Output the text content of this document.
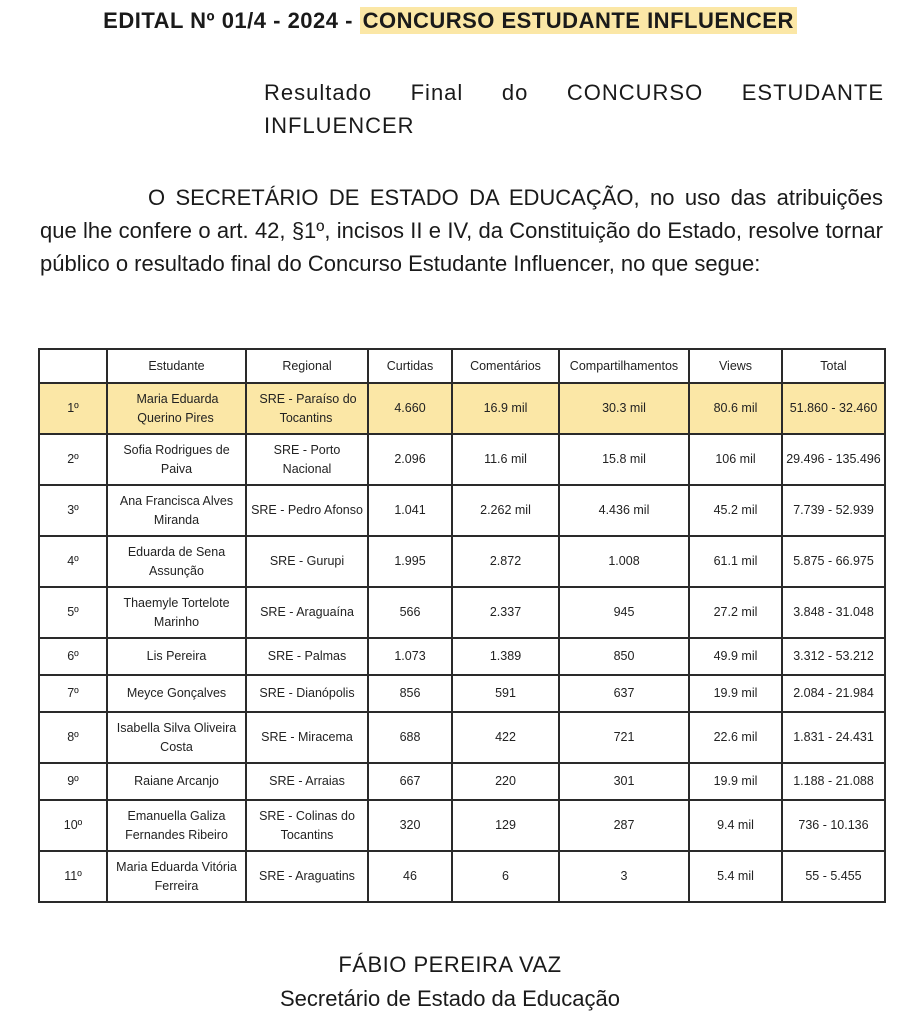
EDITAL Nº 01/4 - 2024 - CONCURSO ESTUDANTE INFLUENCER
Resultado Final do CONCURSO ESTUDANTE INFLUENCER
O SECRETÁRIO DE ESTADO DA EDUCAÇÃO, no uso das atribuições que lhe confere o art. 42, §1º, incisos II e IV, da Constituição do Estado, resolve tornar público o resultado final do Concurso Estudante Influencer, no que segue:
	Estudante	Regional	Curtidas	Comentários	Compartilhamentos	Views	Total
1º	Maria Eduarda Querino Pires	SRE - Paraíso do Tocantins	4.660	16.9 mil	30.3 mil	80.6 mil	51.860 - 32.460
2º	Sofia Rodrigues de Paiva	SRE - Porto Nacional	2.096	11.6 mil	15.8 mil	106 mil	29.496 - 135.496
3º	Ana Francisca Alves Miranda	SRE - Pedro Afonso	1.041	2.262 mil	4.436 mil	45.2 mil	7.739 - 52.939
4º	Eduarda de Sena Assunção	SRE - Gurupi	1.995	2.872	1.008	61.1 mil	5.875 - 66.975
5º	Thaemyle Tortelote Marinho	SRE - Araguaína	566	2.337	945	27.2 mil	3.848 - 31.048
6º	Lis Pereira	SRE - Palmas	1.073	1.389	850	49.9 mil	3.312 - 53.212
7º	Meyce Gonçalves	SRE - Dianópolis	856	591	637	19.9 mil	2.084 - 21.984
8º	Isabella Silva Oliveira Costa	SRE - Miracema	688	422	721	22.6 mil	1.831 - 24.431
9º	Raiane Arcanjo	SRE - Arraias	667	220	301	19.9 mil	1.188 - 21.088
10º	Emanuella Galiza Fernandes Ribeiro	SRE - Colinas do Tocantins	320	129	287	9.4 mil	736 - 10.136
11º	Maria Eduarda Vitória Ferreira	SRE - Araguatins	46	6	3	5.4 mil	55 - 5.455
FÁBIO PEREIRA VAZ
Secretário de Estado da Educação
